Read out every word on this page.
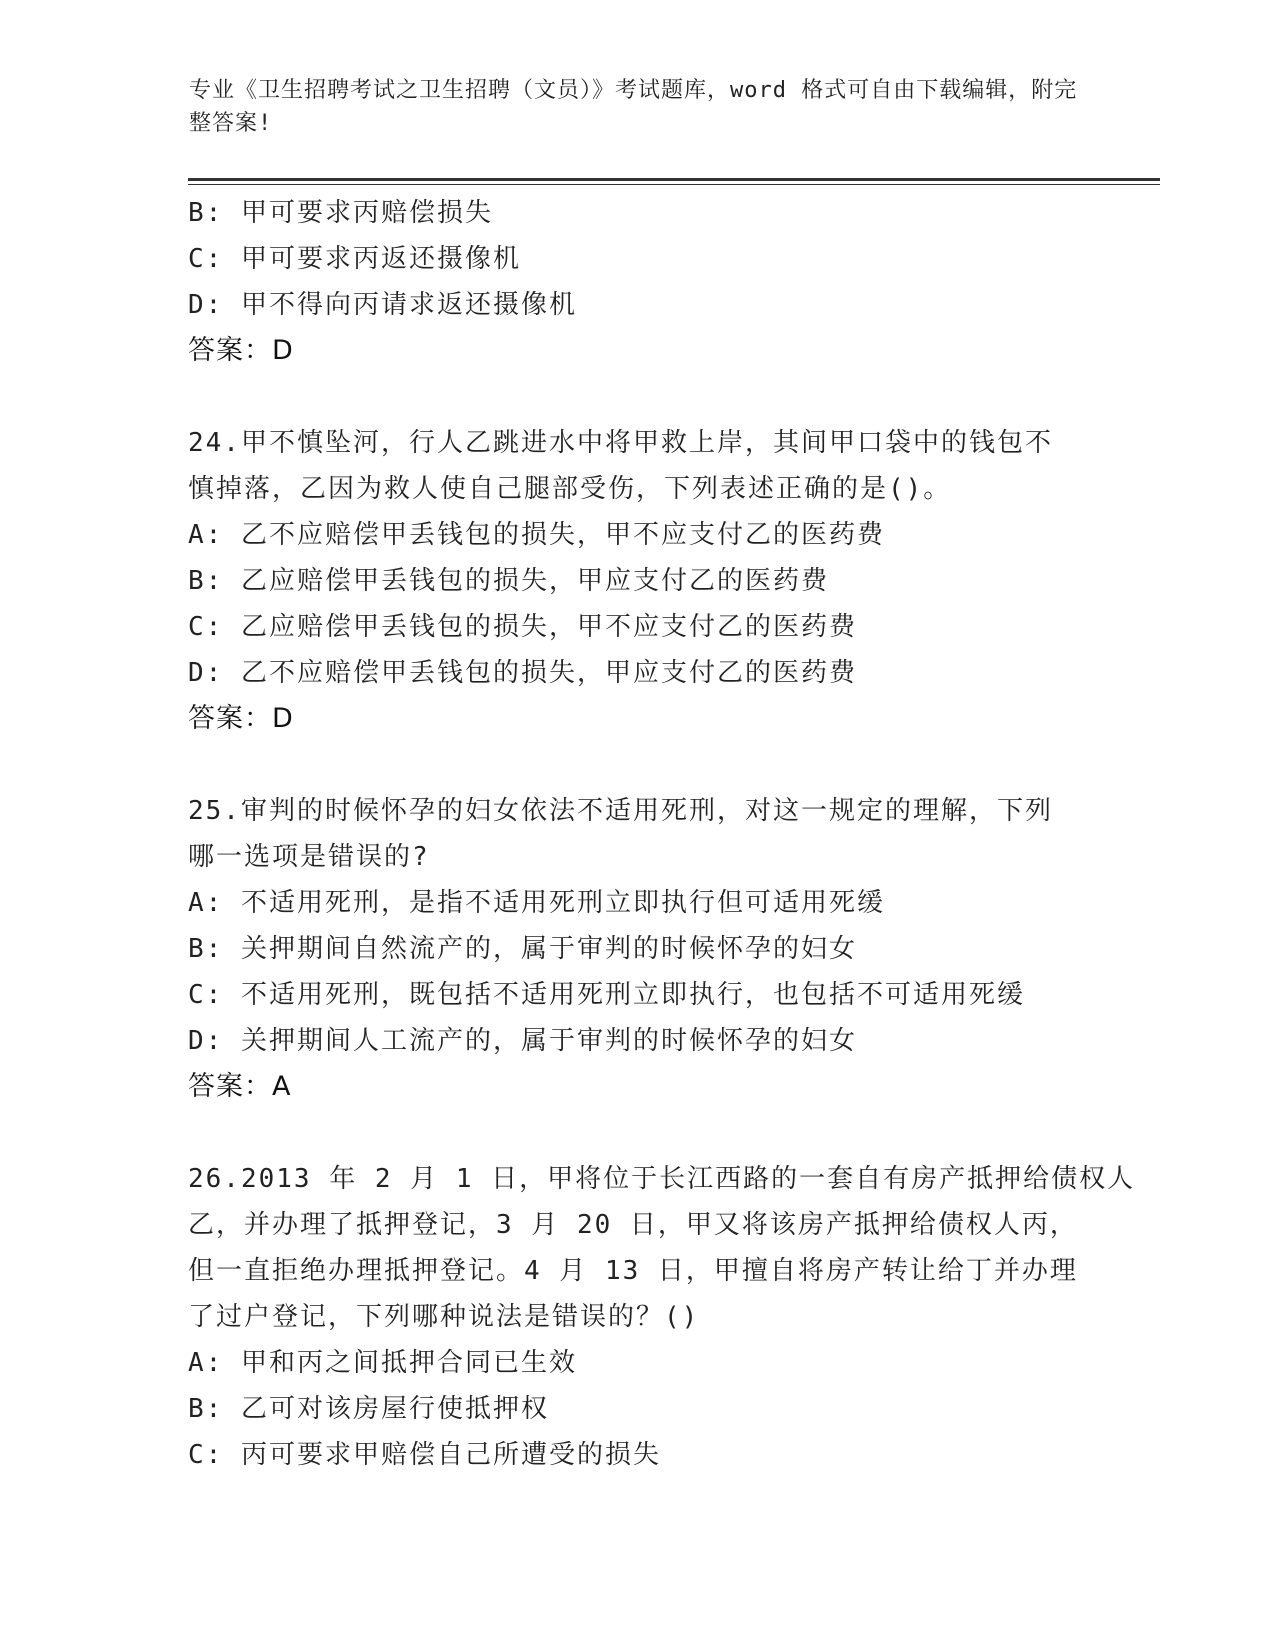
专业《卫生招聘考试之卫生招聘（文员）》考试题库，word 格式可自由下载编辑，附完整答案!
B: 甲可要求丙赔偿损失
C: 甲可要求丙返还摄像机
D: 甲不得向丙请求返还摄像机
答案：D
24.甲不慎坠河，行人乙跳进水中将甲救上岸，其间甲口袋中的钱包不
慎掉落，乙因为救人使自己腿部受伤，下列表述正确的是()。
A: 乙不应赔偿甲丢钱包的损失，甲不应支付乙的医药费
B: 乙应赔偿甲丢钱包的损失，甲应支付乙的医药费
C: 乙应赔偿甲丢钱包的损失，甲不应支付乙的医药费
D: 乙不应赔偿甲丢钱包的损失，甲应支付乙的医药费
答案：D
25.审判的时候怀孕的妇女依法不适用死刑，对这一规定的理解，下列
哪一选项是错误的?
A: 不适用死刑，是指不适用死刑立即执行但可适用死缓
B: 关押期间自然流产的，属于审判的时候怀孕的妇女
C: 不适用死刑，既包括不适用死刑立即执行，也包括不可适用死缓
D: 关押期间人工流产的，属于审判的时候怀孕的妇女
答案：A
26.2013 年 2 月 1 日，甲将位于长江西路的一套自有房产抵押给债权人
乙，并办理了抵押登记，3 月 20 日，甲又将该房产抵押给债权人丙，
但一直拒绝办理抵押登记。4 月 13 日，甲擅自将房产转让给丁并办理
了过户登记，下列哪种说法是错误的？()
A: 甲和丙之间抵押合同已生效
B: 乙可对该房屋行使抵押权
C: 丙可要求甲赔偿自己所遭受的损失
